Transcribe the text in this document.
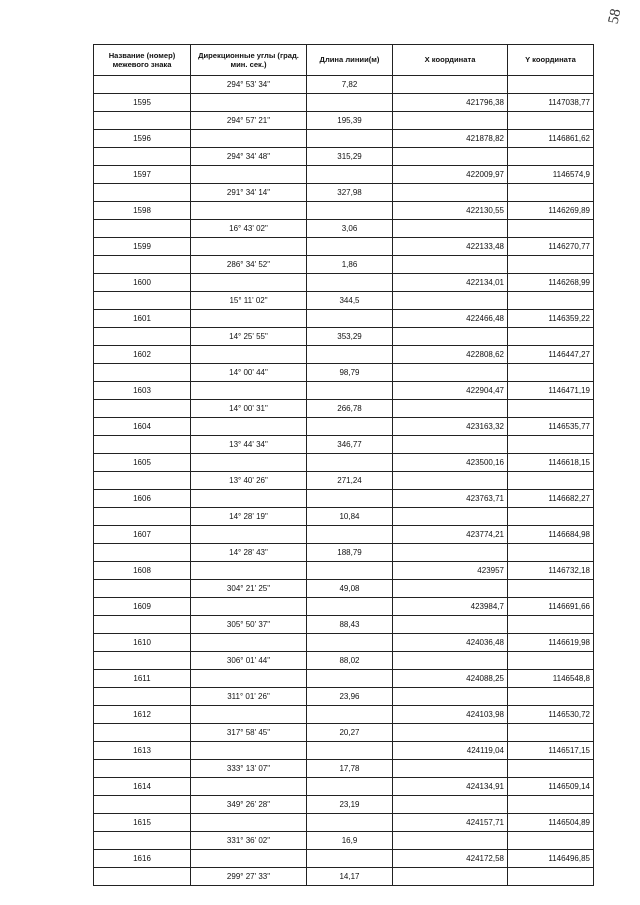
58
Название (номер) межевого знака	Дирекционные углы (град. мин. сек.)	Длина линии(м)	X координата	Y координата
	294° 53' 34"	7,82		
1595			421796,38	1147038,77
	294° 57' 21"	195,39		
1596			421878,82	1146861,62
	294° 34' 48"	315,29		
1597			422009,97	1146574,9
	291° 34' 14"	327,98		
1598			422130,55	1146269,89
	16° 43' 02"	3,06		
1599			422133,48	1146270,77
	286° 34' 52"	1,86		
1600			422134,01	1146268,99
	15° 11' 02"	344,5		
1601			422466,48	1146359,22
	14° 25' 55"	353,29		
1602			422808,62	1146447,27
	14° 00' 44"	98,79		
1603			422904,47	1146471,19
	14° 00' 31"	266,78		
1604			423163,32	1146535,77
	13° 44' 34"	346,77		
1605			423500,16	1146618,15
	13° 40' 26"	271,24		
1606			423763,71	1146682,27
	14° 28' 19"	10,84		
1607			423774,21	1146684,98
	14° 28' 43"	188,79		
1608			423957	1146732,18
	304° 21' 25"	49,08		
1609			423984,7	1146691,66
	305° 50' 37"	88,43		
1610			424036,48	1146619,98
	306° 01' 44"	88,02		
1611			424088,25	1146548,8
	311° 01' 26"	23,96		
1612			424103,98	1146530,72
	317° 58' 45"	20,27		
1613			424119,04	1146517,15
	333° 13' 07"	17,78		
1614			424134,91	1146509,14
	349° 26' 28"	23,19		
1615			424157,71	1146504,89
	331° 36' 02"	16,9		
1616			424172,58	1146496,85
	299° 27' 33"	14,17		
